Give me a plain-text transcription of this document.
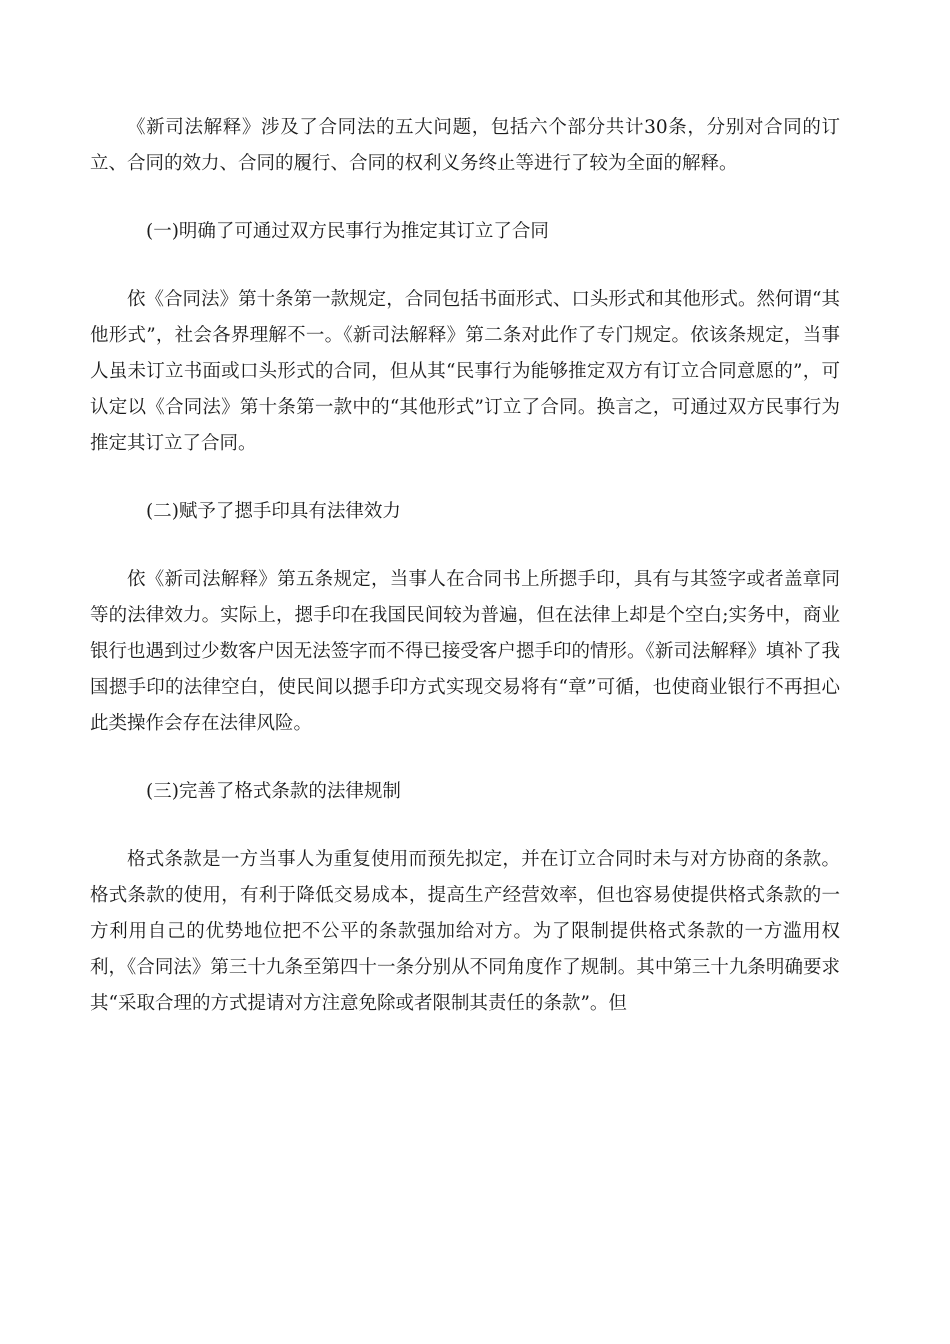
《新司法解释》涉及了合同法的五大问题，包括六个部分共计30条，分别对合同的订立、合同的效力、合同的履行、合同的权利义务终止等进行了较为全面的解释。

(一)明确了可通过双方民事行为推定其订立了合同

依《合同法》第十条第一款规定，合同包括书面形式、口头形式和其他形式。然何谓“其他形式”，社会各界理解不一。《新司法解释》第二条对此作了专门规定。依该条规定，当事人虽未订立书面或口头形式的合同，但从其“民事行为能够推定双方有订立合同意愿的”，可认定以《合同法》第十条第一款中的“其他形式”订立了合同。换言之，可通过双方民事行为推定其订立了合同。

(二)赋予了摁手印具有法律效力

依《新司法解释》第五条规定，当事人在合同书上所摁手印，具有与其签字或者盖章同等的法律效力。实际上，摁手印在我国民间较为普遍，但在法律上却是个空白;实务中，商业银行也遇到过少数客户因无法签字而不得已接受客户摁手印的情形。《新司法解释》填补了我国摁手印的法律空白，使民间以摁手印方式实现交易将有“章”可循，也使商业银行不再担心此类操作会存在法律风险。

(三)完善了格式条款的法律规制

格式条款是一方当事人为重复使用而预先拟定，并在订立合同时未与对方协商的条款。格式条款的使用，有利于降低交易成本，提高生产经营效率，但也容易使提供格式条款的一方利用自己的优势地位把不公平的条款强加给对方。为了限制提供格式条款的一方滥用权利，《合同法》第三十九条至第四十一条分别从不同角度作了规制。其中第三十九条明确要求其“采取合理的方式提请对方注意免除或者限制其责任的条款”。但
